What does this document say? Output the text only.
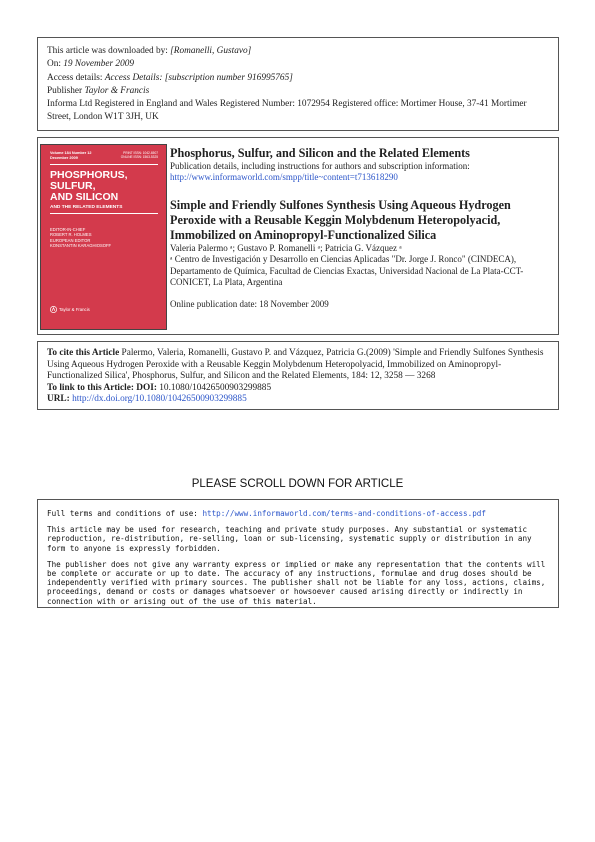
This article was downloaded by: [Romanelli, Gustavo]
On: 19 November 2009
Access details: Access Details: [subscription number 916995765]
Publisher Taylor & Francis
Informa Ltd Registered in England and Wales Registered Number: 1072954 Registered office: Mortimer House, 37-41 Mortimer Street, London W1T 3JH, UK
Volume 184 Number 12
December 2009
PRINT ISSN: 1042-6507
ONLINE ISSN: 1563-5325
PHOSPHORUS,
SULFUR,
AND SILICON
AND THE RELATED ELEMENTS
EDITOR-IN-CHIEF
ROBERT R. HOLMES
EUROPEAN EDITOR
KONSTANTIN KARAGHIOSOFF
Taylor & Francis
Phosphorus, Sulfur, and Silicon and the Related Elements
Publication details, including instructions for authors and subscription information:
http://www.informaworld.com/smpp/title~content=t713618290
Simple and Friendly Sulfones Synthesis Using Aqueous Hydrogen Peroxide with a Reusable Keggin Molybdenum Heteropolyacid, Immobilized on Aminopropyl-Functionalized Silica
Valeria Palermo ᵃ; Gustavo P. Romanelli ᵃ; Patricia G. Vázquez ᵃ
ᵃ Centro de Investigación y Desarrollo en Ciencias Aplicadas "Dr. Jorge J. Ronco" (CINDECA), Departamento de Química, Facultad de Ciencias Exactas, Universidad Nacional de La Plata-CCT-CONICET, La Plata, Argentina
Online publication date: 18 November 2009
To cite this Article Palermo, Valeria, Romanelli, Gustavo P. and Vázquez, Patricia G.(2009) 'Simple and Friendly Sulfones Synthesis Using Aqueous Hydrogen Peroxide with a Reusable Keggin Molybdenum Heteropolyacid, Immobilized on Aminopropyl-Functionalized Silica', Phosphorus, Sulfur, and Silicon and the Related Elements, 184: 12, 3258 — 3268
To link to this Article: DOI: 10.1080/10426500903299885
URL: http://dx.doi.org/10.1080/10426500903299885
PLEASE SCROLL DOWN FOR ARTICLE
Full terms and conditions of use: http://www.informaworld.com/terms-and-conditions-of-access.pdf
This article may be used for research, teaching and private study purposes. Any substantial or systematic reproduction, re-distribution, re-selling, loan or sub-licensing, systematic supply or distribution in any form to anyone is expressly forbidden.
The publisher does not give any warranty express or implied or make any representation that the contents will be complete or accurate or up to date. The accuracy of any instructions, formulae and drug doses should be independently verified with primary sources. The publisher shall not be liable for any loss, actions, claims, proceedings, demand or costs or damages whatsoever or howsoever caused arising directly or indirectly in connection with or arising out of the use of this material.
